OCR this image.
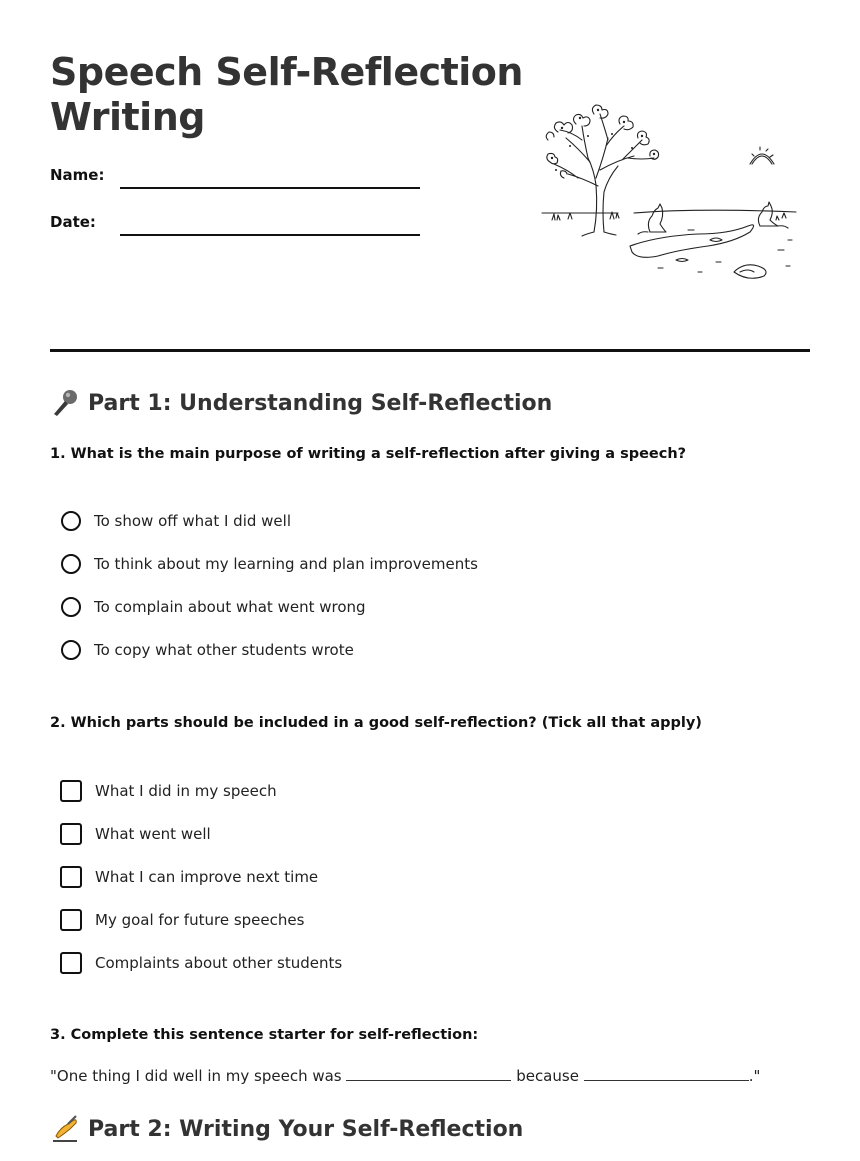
Speech Self-Reflection
Writing
Name:
Date:
Part 1: Understanding Self-Reflection

1. What is the main purpose of writing a self-reflection after giving a speech?

To show off what I did well
To think about my learning and plan improvements
To complain about what went wrong
To copy what other students wrote

2. Which parts should be included in a good self-reflection? (Tick all that apply)

What I did in my speech
What went well
What I can improve next time
My goal for future speeches
Complaints about other students

3. Complete this sentence starter for self-reflection:

"One thing I did well in my speech was	because	."
Part 2: Writing Your Self-Reflection
